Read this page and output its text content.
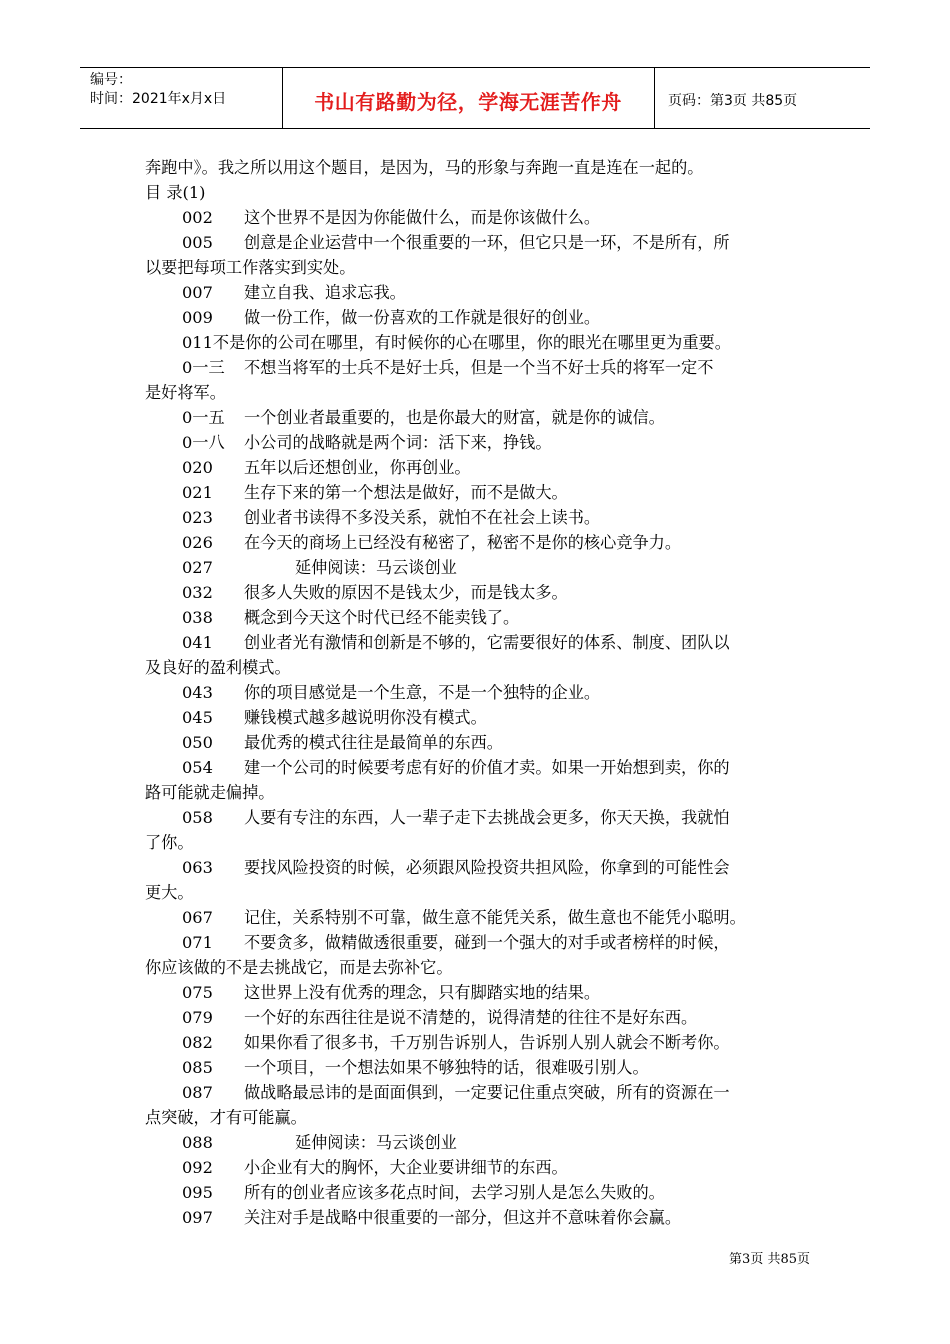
编号：
时间：2021年x月x日	书山有路勤为径，学海无涯苦作舟	页码：第3页 共85页
奔跑中》。我之所以用这个题目，是因为，马的形象与奔跑一直是连在一起的。
目 录(1)
002 这个世界不是因为你能做什么，而是你该做什么。
005 创意是企业运营中一个很重要的一环，但它只是一环，不是所有，所
以要把每项工作落实到实处。
007 建立自我、追求忘我。
009 做一份工作，做一份喜欢的工作就是很好的创业。
011不是你的公司在哪里，有时候你的心在哪里，你的眼光在哪里更为重要。
0一三 不想当将军的士兵不是好士兵，但是一个当不好士兵的将军一定不
是好将军。
0一五 一个创业者最重要的，也是你最大的财富，就是你的诚信。
0一八 小公司的战略就是两个词：活下来，挣钱。
020 五年以后还想创业，你再创业。
021 生存下来的第一个想法是做好，而不是做大。
023 创业者书读得不多没关系，就怕不在社会上读书。
026 在今天的商场上已经没有秘密了，秘密不是你的核心竞争力。
027	延伸阅读：马云谈创业
032 很多人失败的原因不是钱太少，而是钱太多。
038 概念到今天这个时代已经不能卖钱了。
041 创业者光有激情和创新是不够的，它需要很好的体系、制度、团队以
及良好的盈利模式。
043 你的项目感觉是一个生意，不是一个独特的企业。
045 赚钱模式越多越说明你没有模式。
050 最优秀的模式往往是最简单的东西。
054 建一个公司的时候要考虑有好的价值才卖。如果一开始想到卖，你的
路可能就走偏掉。
058 人要有专注的东西，人一辈子走下去挑战会更多，你天天换，我就怕
了你。
063 要找风险投资的时候，必须跟风险投资共担风险，你拿到的可能性会
更大。
067 记住，关系特别不可靠，做生意不能凭关系，做生意也不能凭小聪明。
071 不要贪多，做精做透很重要，碰到一个强大的对手或者榜样的时候，
你应该做的不是去挑战它，而是去弥补它。
075 这世界上没有优秀的理念，只有脚踏实地的结果。
079 一个好的东西往往是说不清楚的，说得清楚的往往不是好东西。
082 如果你看了很多书，千万别告诉别人，告诉别人别人就会不断考你。
085 一个项目，一个想法如果不够独特的话，很难吸引别人。
087 做战略最忌讳的是面面俱到，一定要记住重点突破，所有的资源在一
点突破，才有可能赢。
088	延伸阅读：马云谈创业
092 小企业有大的胸怀，大企业要讲细节的东西。
095 所有的创业者应该多花点时间，去学习别人是怎么失败的。
097 关注对手是战略中很重要的一部分，但这并不意味着你会赢。
第3页 共85页
